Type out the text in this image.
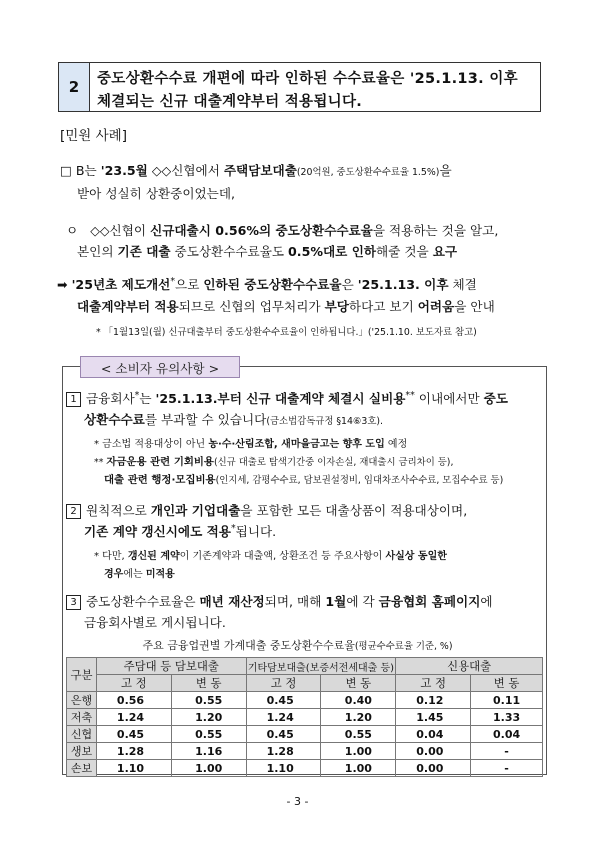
2	중도상환수수료 개편에 따라 인하된 수수료율은 '25.1.13. 이후
체결되는 신규 대출계약부터 적용됩니다.
[민원 사례]
□ B는 '23.5월 ◇◇신협에서 주택담보대출(20억원, 중도상환수수료율 1.5%)을
받아 성실히 상환중이었는데,
ㅇ ◇◇신협이 신규대출시 0.56%의 중도상환수수료율을 적용하는 것을 알고,
본인의 기존 대출 중도상환수수료율도 0.5%대로 인하해줄 것을 요구
➡ '25년초 제도개선*으로 인하된 중도상환수수료율은 '25.1.13. 이후 체결
대출계약부터 적용되므로 신협의 업무처리가 부당하다고 보기 어려움을 안내
* 「1월13일(월) 신규대출부터 중도상환수수료율이 인하됩니다.」('25.1.10. 보도자료 참고)
< 소비자 유의사항 >
1 금융회사*는 '25.1.13.부터 신규 대출계약 체결시 실비용** 이내에서만 중도
상환수수료를 부과할 수 있습니다(금소법감독규정 §14⑥3호).
* 금소법 적용대상이 아닌 농·수·산림조합, 새마을금고는 향후 도입 예정
** 자금운용 관련 기회비용(신규 대출로 탐색기간중 이자손실, 재대출시 금리차이 등),
대출 관련 행정·모집비용(인지세, 감평수수료, 담보권설정비, 임대차조사수수료, 모집수수료 등)
2 원칙적으로 개인과 기업대출을 포함한 모든 대출상품이 적용대상이며,
기존 계약 갱신시에도 적용*됩니다.
* 다만, 갱신된 계약이 기존계약과 대출액, 상환조건 등 주요사항이 사실상 동일한
경우에는 미적용
3 중도상환수수료율은 매년 재산정되며, 매해 1월에 각 금융협회 홈페이지에
금융회사별로 게시됩니다.
주요 금융업권별 가계대출 중도상환수수료율(평균수수료율 기준, %)
구분	주담대 등 담보대출		기타담보대출(보증서전세대출 등)		신용대출	
	고 정	변 동	고 정	변 동	고 정	변 동
은행	0.56	0.55	0.45	0.40	0.12	0.11
저축	1.24	1.20	1.24	1.20	1.45	1.33
신협	0.45	0.55	0.45	0.55	0.04	0.04
생보	1.28	1.16	1.28	1.00	0.00	-
손보	1.10	1.00	1.10	1.00	0.00	-
- 3 -
